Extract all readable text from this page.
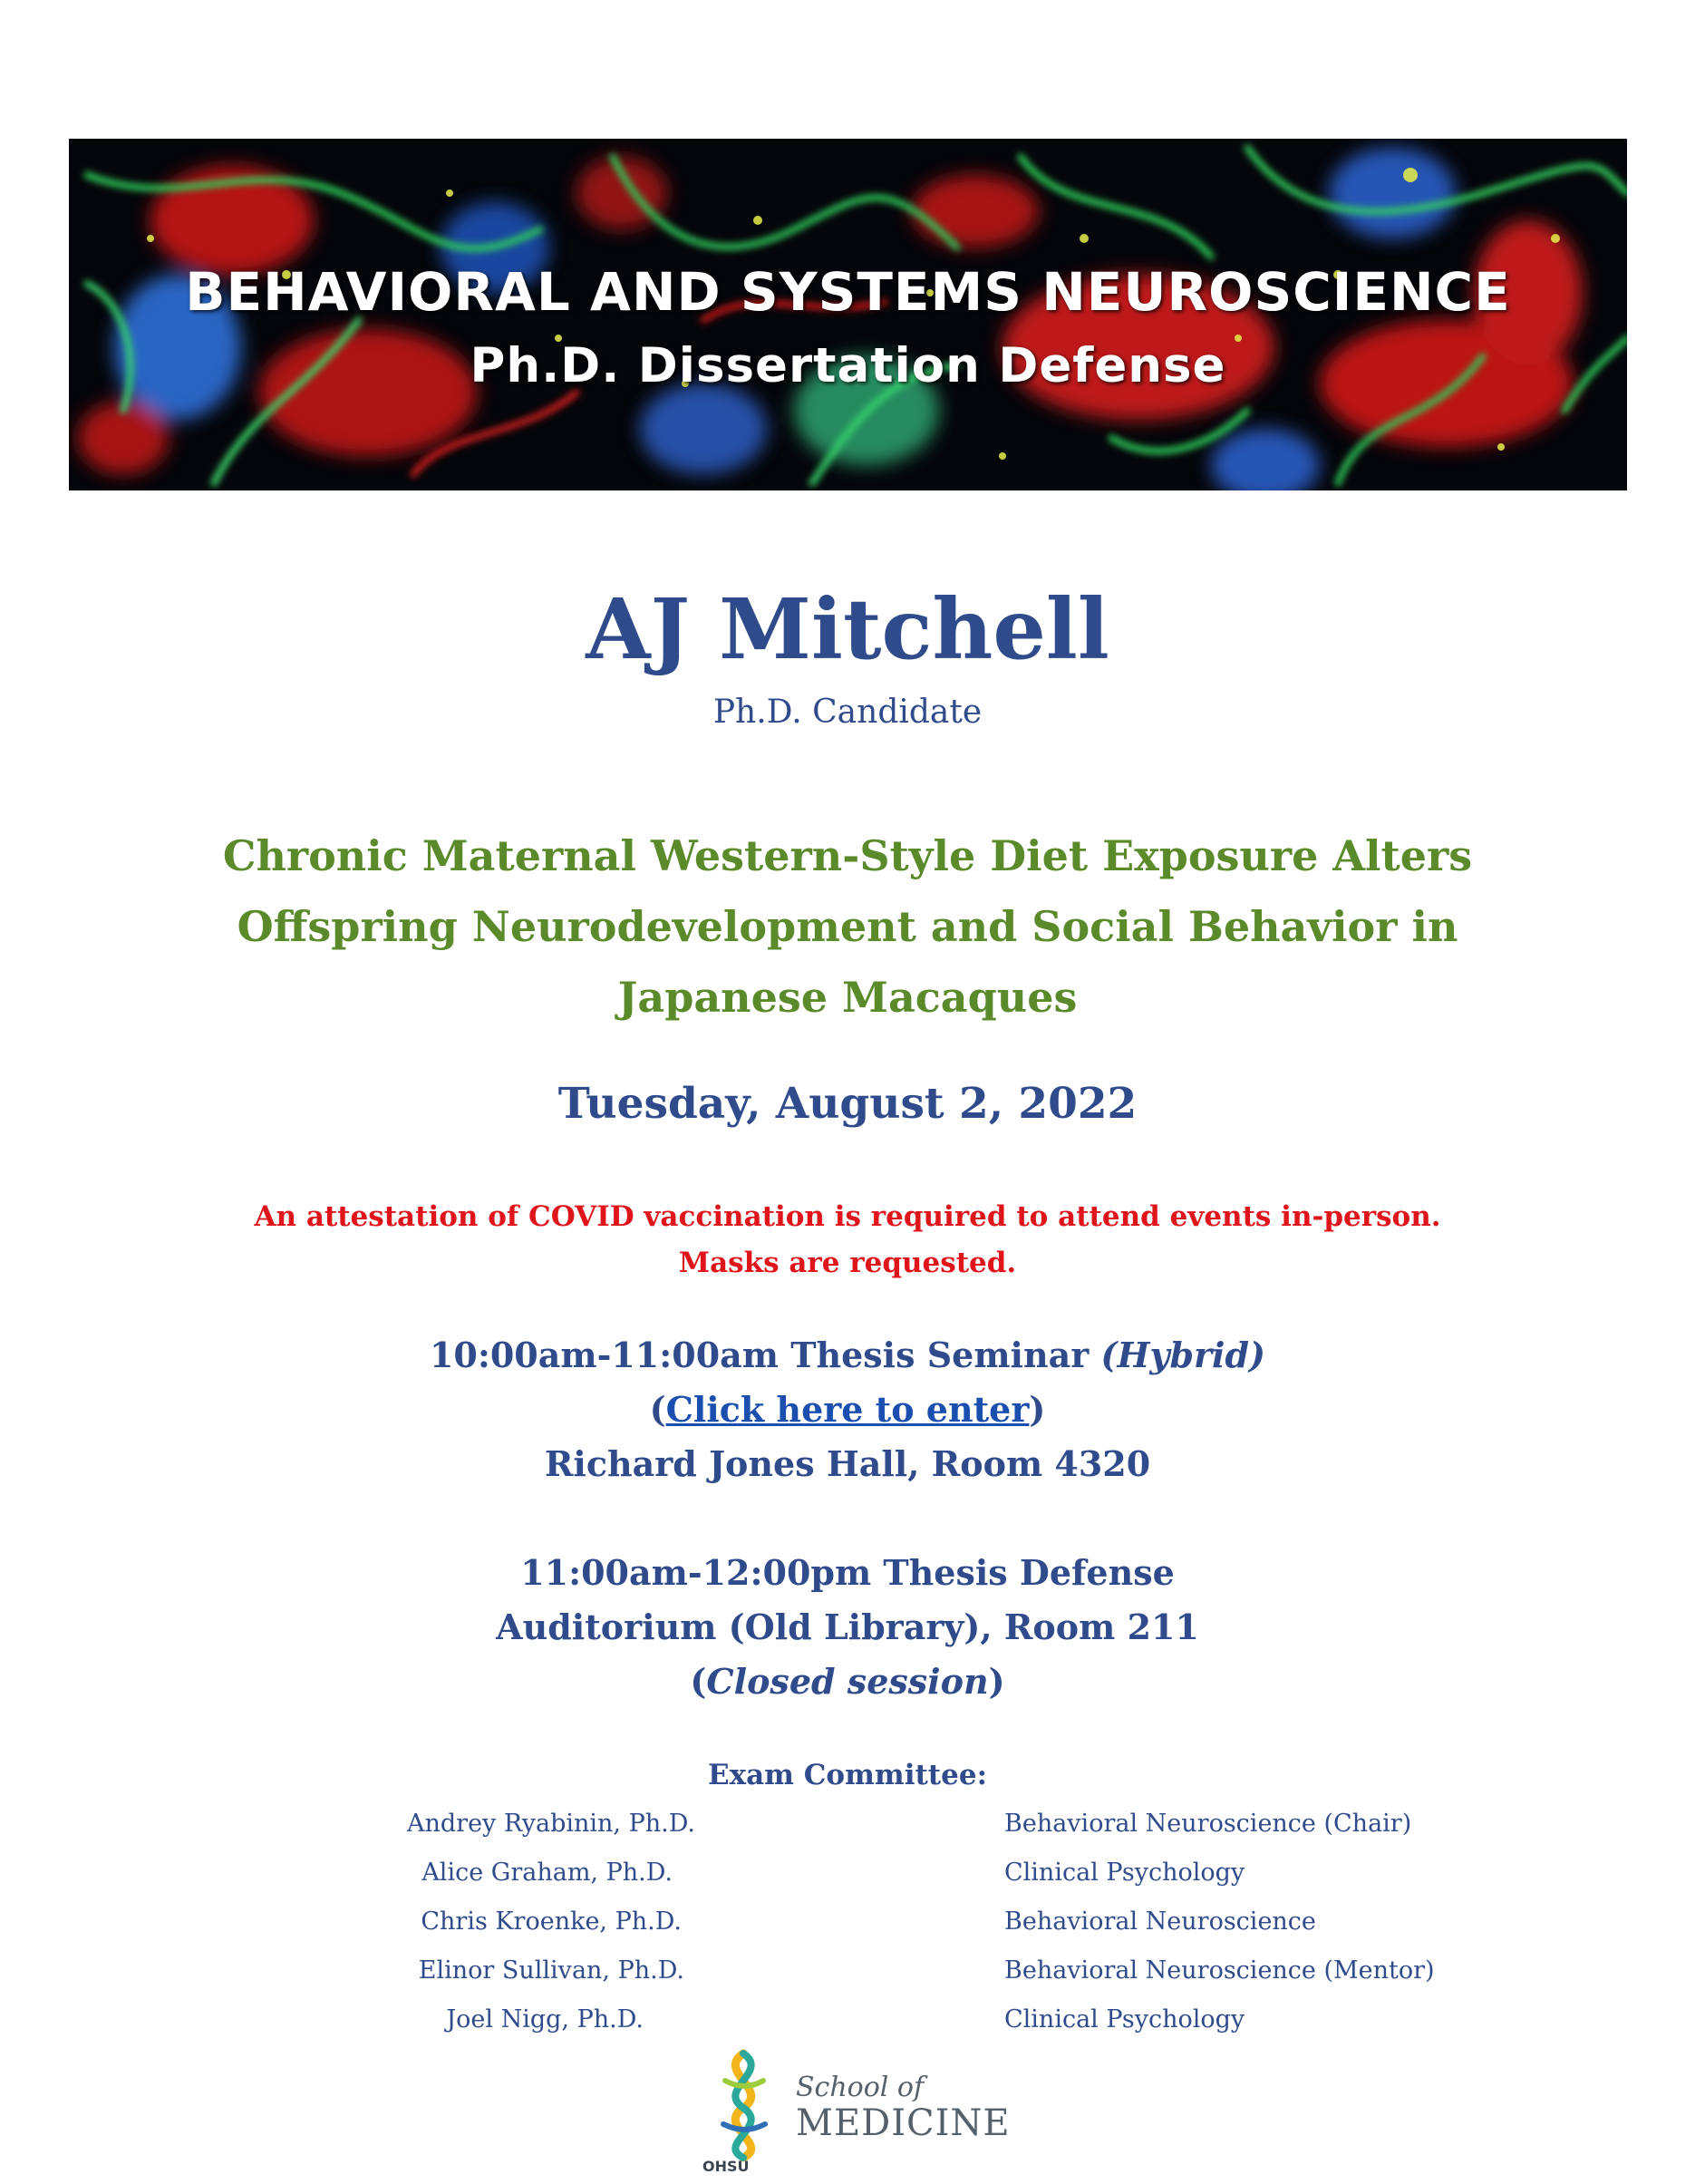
BEHAVIORAL AND SYSTEMS NEUROSCIENCE
Ph.D. Dissertation Defense
AJ Mitchell
Ph.D. Candidate
Chronic Maternal Western-Style Diet Exposure Alters
Offspring Neurodevelopment and Social Behavior in
Japanese Macaques
Tuesday, August 2, 2022
An attestation of COVID vaccination is required to attend events in-person.
Masks are requested.
10:00am-11:00am Thesis Seminar (Hybrid)
(Click here to enter)
Richard Jones Hall, Room 4320
11:00am-12:00pm Thesis Defense
Auditorium (Old Library), Room 211
(Closed session)
Exam Committee:
Andrey Ryabinin, Ph.D.	Behavioral Neuroscience (Chair)
Alice Graham, Ph.D.	Clinical Psychology
Chris Kroenke, Ph.D.	Behavioral Neuroscience
Elinor Sullivan, Ph.D.	Behavioral Neuroscience (Mentor)
Joel Nigg, Ph.D.	Clinical Psychology
OHSU
School of
MEDICINE
